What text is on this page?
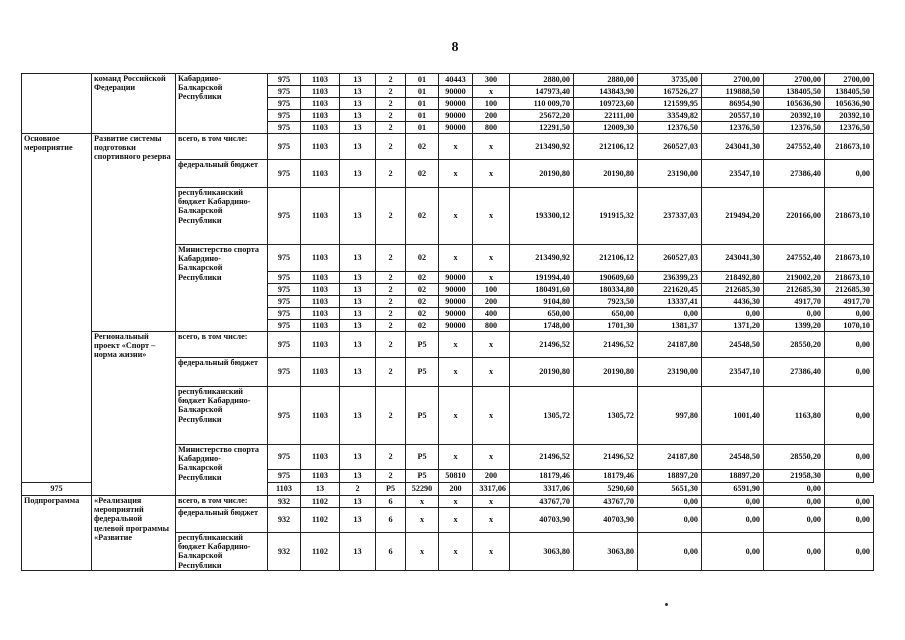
8
	команд Российской Федерации	Кабардино-Балкарской Республики	975	1103	13	2	01	40443	300	2880,00	2880,00	3735,00	2700,00	2700,00	2700,00
			975	1103	13	2	01	90000	х	147973,40	143843,90	167526,27	119888,50	138405,50	138405,50
			975	1103	13	2	01	90000	100	110 009,70	109723,60	121599,95	86954,90	105636,90	105636,90
			975	1103	13	2	01	90000	200	25672,20	22111,00	33549,82	20557,10	20392,10	20392,10
			975	1103	13	2	01	90000	800	12291,50	12009,30	12376,50	12376,50	12376,50	12376,50
Основное мероприятие	Развитие системы подготовки спортивного резерва	всего, в том числе:	975	1103	13	2	02	х	х	213490,92	212106,12	260527,03	243041,30	247552,40	218673,10
		федеральный бюджет	975	1103	13	2	02	х	х	20190,80	20190,80	23190,00	23547,10	27386,40	0,00
		республиканский бюджет Кабардино-Балкарской Республики	975	1103	13	2	02	х	х	193300,12	191915,32	237337,03	219494,20	220166,00	218673,10
		Министерство спорта Кабардино-Балкарской Республики	975	1103	13	2	02	х	х	213490,92	212106,12	260527,03	243041,30	247552,40	218673,10
			975	1103	13	2	02	90000	х	191994,40	190609,60	236399,23	218492,80	219002,20	218673,10
			975	1103	13	2	02	90000	100	180491,60	180334,80	221620,45	212685,30	212685,30	212685,30
			975	1103	13	2	02	90000	200	9104,80	7923,50	13337,41	4436,30	4917,70	4917,70
			975	1103	13	2	02	90000	400	650,00	650,00	0,00	0,00	0,00	0,00
			975	1103	13	2	02	90000	800	1748,00	1701,30	1381,37	1371,20	1399,20	1070,10
	Региональный проект «Спорт – норма жизни»	всего, в том числе:	975	1103	13	2	P5	х	х	21496,52	21496,52	24187,80	24548,50	28550,20	0,00
		федеральный бюджет	975	1103	13	2	P5	х	х	20190,80	20190,80	23190,00	23547,10	27386,40	0,00
		республиканский бюджет Кабардино-Балкарской Республики	975	1103	13	2	P5	х	х	1305,72	1305,72	997,80	1001,40	1163,80	0,00
		Министерство спорта Кабардино-Балкарской Республики	975	1103	13	2	P5	х	х	21496,52	21496,52	24187,80	24548,50	28550,20	0,00
			975	1103	13	2	P5	50810	200	18179,46	18179,46	18897,20	18897,20	21958,30	0,00
975			1103	13	2	P5	52290	200	3317,06	3317,06	5290,60	5651,30	6591,90	0,00	
Подпрограмма	«Реализация мероприятий федеральной целевой программы «Развитие	всего, в том числе:	932	1102	13	6	х	х	х	43767,70	43767,70	0,00	0,00	0,00	0,00
		федеральный бюджет	932	1102	13	6	х	х	х	40703,90	40703,90	0,00	0,00	0,00	0,00
		республиканский бюджет Кабардино-Балкарской Республики	932	1102	13	6	х	х	х	3063,80	3063,80	0,00	0,00	0,00	0,00
